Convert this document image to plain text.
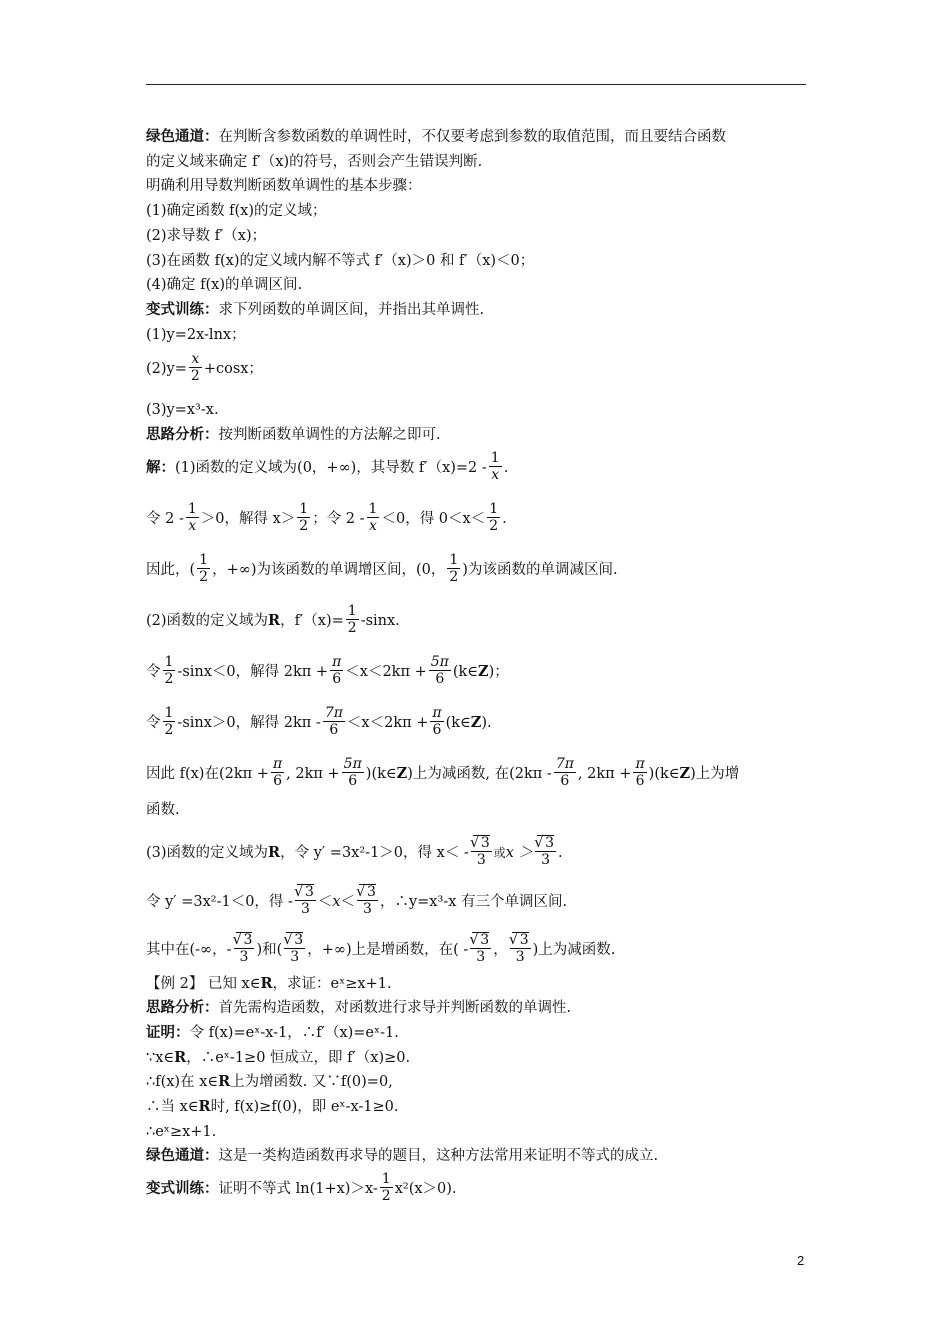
绿色通道：在判断含参数函数的单调性时，不仅要考虑到参数的取值范围，而且要结合函数
的定义域来确定 f′（x)的符号，否则会产生错误判断.
明确利用导数判断函数单调性的基本步骤：
(1)确定函数 f(x)的定义域；
(2)求导数 f′（x)；
(3)在函数 f(x)的定义域内解不等式 f′（x)＞0 和 f′（x)＜0；
(4)确定 f(x)的单调区间.
变式训练：求下列函数的单调区间，并指出其单调性.
(1)y=2x-lnx；
$(2)y= \frac{x}{2} +\cos x$；
(3)y=x³-x.
思路分析：按判断函数单调性的方法解之即可.
解：(1)函数的定义域为(0，+∞)，其导数 $f'(x)=2 - \frac{1}{x}$ .
令 $2 - \frac{1}{x} >0$，解得 $x> \frac{1}{2}$ ；令 $2 - \frac{1}{x} <0$，得 $0<x< \frac{1}{2}$ .
因此，( $\frac{1}{2}$ ，+∞)为该函数的单调增区间，(0， $\frac{1}{2}$ )为该函数的单调减区间.
(2)函数的定义域为R，$f'(x)= \frac{1}{2} -\sin x$.
令 $\frac{1}{2} -\sin x<0$，解得 $2k\pi + \frac{\pi}{6} <x<2k\pi + \frac{5\pi}{6}$ (k∈Z)；
令 $\frac{1}{2} -\sin x>0$，解得 $2k\pi - \frac{7\pi}{6} <x<2k\pi + \frac{\pi}{6}$ (k∈Z).
因此 f(x)在($2k\pi + \frac{\pi}{6}$ , $2k\pi + \frac{5\pi}{6}$ )(k∈Z)上为减函数, 在($2k\pi - \frac{7\pi}{6}$ , $2k\pi + \frac{\pi}{6}$ )(k∈Z)上为增
函数.
(3)函数的定义域为R，令 y′ =3x²-1＞0，得 x＜ - √ $\frac{3}{3}$ 或x ＞ √ $\frac{3}{3}$ .
令 y′ =3x²-1＜0，得 - √ $\frac{3}{3} <x<$ √ $\frac{3}{3}$ ，∴y=x³-x 有三个单调区间.
其中在(-∞，- √ $\frac{3}{3}$ )和( √ $\frac{3}{3}$ ，+∞)上是增函数，在( - √ $\frac{3}{3}$ ， √ $\frac{3}{3}$ )上为减函数.
【例 2】 已知 x∈R，求证：eˣ≥x+1.
思路分析：首先需构造函数，对函数进行求导并判断函数的单调性.
证明：令 f(x)=eˣ-x-1，∴f′（x)=eˣ-1.
∵x∈R，∴eˣ-1≥0 恒成立，即 f′（x)≥0.
∴f(x)在 x∈R上为增函数. 又∵f(0)=0,
∴当 x∈R时, f(x)≥f(0)，即 eˣ-x-1≥0.
∴eˣ≥x+1.
绿色通道：这是一类构造函数再求导的题目，这种方法常用来证明不等式的成立.
变式训练：证明不等式 $\ln(1+x)>x- \frac{1}{2} x^2(x>0)$.
2
